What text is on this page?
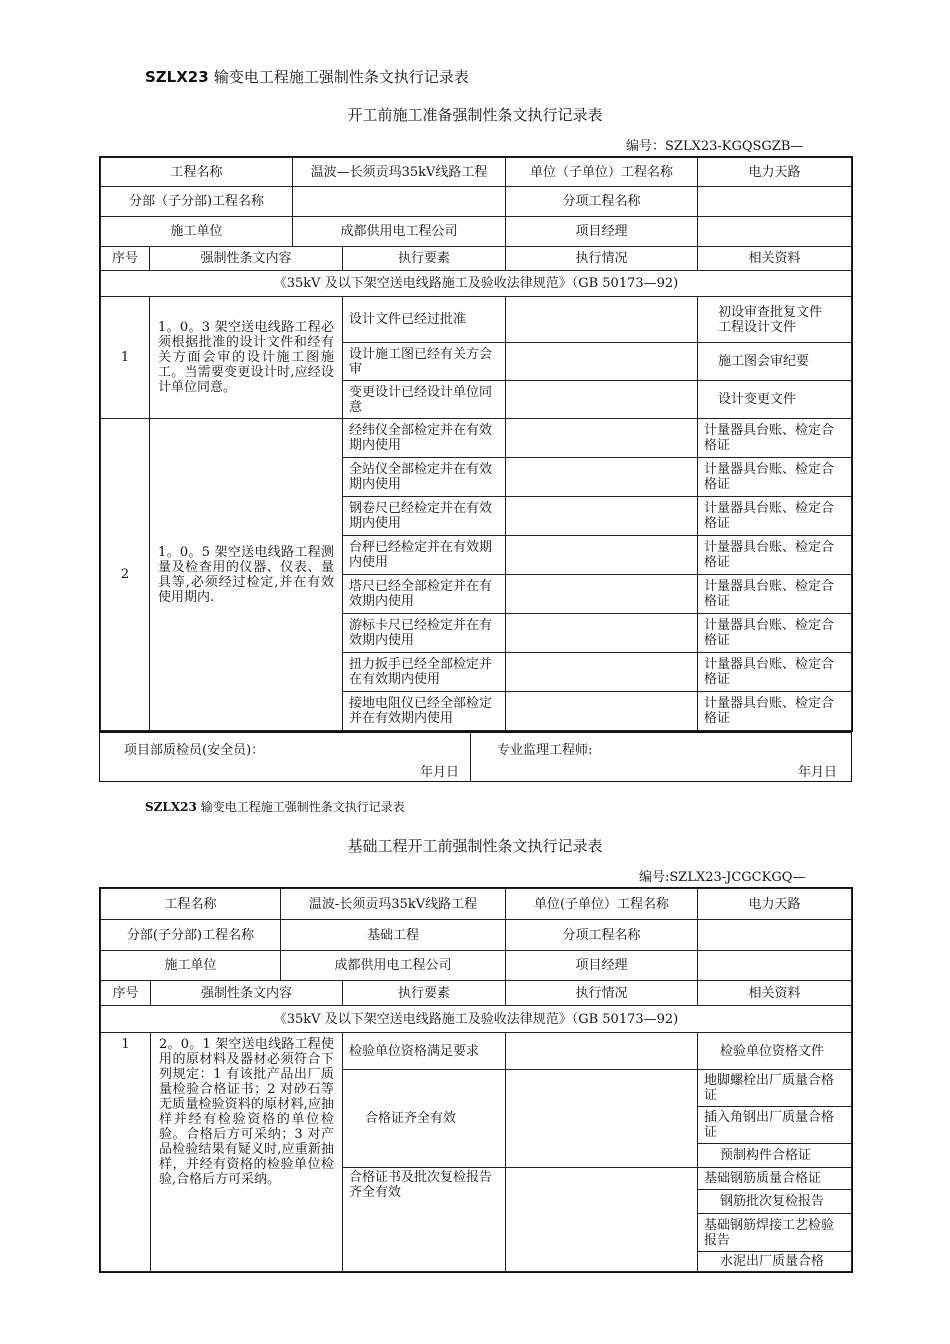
SZLX23 输变电工程施工强制性条文执行记录表
开工前施工准备强制性条文执行记录表
编号：SZLX23-KGQSGZB—
工程名称		温波—长须贡玛35kV线路工程		单位（子单位）工程名称	电力天路
分部（子分部)工程名称				分项工程名称	
施工单位		成都供用电工程公司		项目经理	
序号	强制性条文内容		执行要素	执行情况	相关资料
《35kV 及以下架空送电线路施工及验收法律规范》（GB 50173—92)					
1	1。0。3 架空送电线路工程必须根据批准的设计文件和经有关方面会审的设计施工图施工。当需要变更设计时,应经设计单位同意。		设计文件已经过批准		初设审查批复文件
工程设计文件
			设计施工图已经有关方会审		施工图会审纪要
			变更设计已经设计单位同意		设计变更文件
2	1。0。5 架空送电线路工程测量及检查用的仪器、仪表、量具等,必须经过检定,并在有效使用期内.		经纬仪全部检定并在有效期内使用		计量器具台账、检定合格证
			全站仪全部检定并在有效期内使用		计量器具台账、检定合格证
			钢卷尺已经检定并在有效期内使用		计量器具台账、检定合格证
			台秤已经检定并在有效期内使用		计量器具台账、检定合格证
			塔尺已经全部检定并在有效期内使用		计量器具台账、检定合格证
			游标卡尺已经检定并在有效期内使用		计量器具台账、检定合格证
			扭力扳手已经全部检定并在有效期内使用		计量器具台账、检定合格证
			接地电阻仪已经全部检定并在有效期内使用		计量器具台账、检定合格证
项目部质检员(安全员)：
年月日
专业监理工程师:
年月日
SZLX23 输变电工程施工强制性条文执行记录表
基础工程开工前强制性条文执行记录表
编号:SZLX23-JCGCKGQ—
工程名称		温波-长须贡玛35kV线路工程		单位(子单位）工程名称	电力天路
分部(子分部)工程名称		基础工程		分项工程名称	
施工单位		成都供用电工程公司		项目经理	
序号	强制性条文内容		执行要素	执行情况	相关资料
《35kV 及以下架空送电线路施工及验收法律规范》（GB 50173—92)					
1	2。0。1 架空送电线路工程使用的原材料及器材必须符合下列规定：1 有该批产品出厂质量检验合格证书；2 对砂石等无质量检验资料的原材料,应抽样并经有检验资格的单位检验。合格后方可采纳；3 对产品检验结果有疑义时,应重新抽样，并经有资格的检验单位检验,合格后方可采纳。		检验单位资格满足要求		检验单位资格文件
			合格证齐全有效		地脚螺栓出厂质量合格证
					插入角钢出厂质量合格证
					预制构件合格证
			合格证书及批次复检报告齐全有效		基础钢筋质量合格证
					钢筋批次复检报告
					基础钢筋焊接工艺检验报告
					水泥出厂质量合格
